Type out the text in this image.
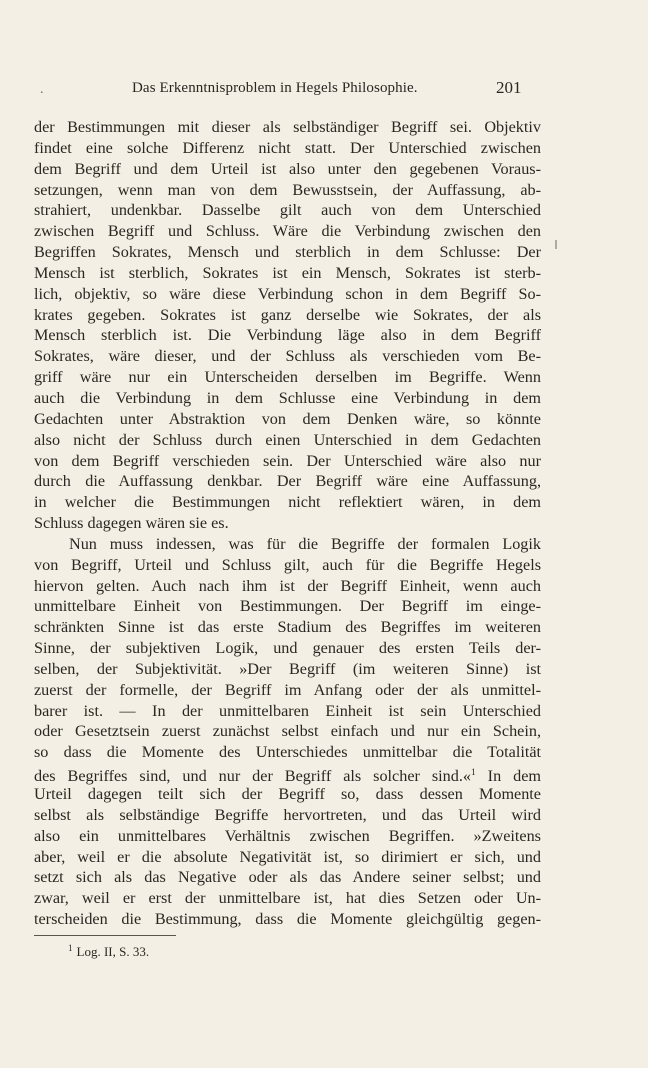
.	Das Erkenntnisproblem in Hegels Philosophie.	201
der Bestimmungen mit dieser als selbständiger Begriff sei. Objektiv
findet eine solche Differenz nicht statt. Der Unterschied zwischen
dem Begriff und dem Urteil ist also unter den gegebenen Voraus-
setzungen, wenn man von dem Bewusstsein, der Auffassung, ab-
strahiert, undenkbar. Dasselbe gilt auch von dem Unterschied
zwischen Begriff und Schluss. Wäre die Verbindung zwischen den
Begriffen Sokrates, Mensch und sterblich in dem Schlusse: Der
Mensch ist sterblich, Sokrates ist ein Mensch, Sokrates ist sterb-
lich, objektiv, so wäre diese Verbindung schon in dem Begriff So-
krates gegeben. Sokrates ist ganz derselbe wie Sokrates, der als
Mensch sterblich ist. Die Verbindung läge also in dem Begriff
Sokrates, wäre dieser, und der Schluss als verschieden vom Be-
griff wäre nur ein Unterscheiden derselben im Begriffe. Wenn
auch die Verbindung in dem Schlusse eine Verbindung in dem
Gedachten unter Abstraktion von dem Denken wäre, so könnte
also nicht der Schluss durch einen Unterschied in dem Gedachten
von dem Begriff verschieden sein. Der Unterschied wäre also nur
durch die Auffassung denkbar. Der Begriff wäre eine Auffassung,
in welcher die Bestimmungen nicht reflektiert wären, in dem
Schluss dagegen wären sie es.
Nun muss indessen, was für die Begriffe der formalen Logik
von Begriff, Urteil und Schluss gilt, auch für die Begriffe Hegels
hiervon gelten. Auch nach ihm ist der Begriff Einheit, wenn auch
unmittelbare Einheit von Bestimmungen. Der Begriff im einge-
schränkten Sinne ist das erste Stadium des Begriffes im weiteren
Sinne, der subjektiven Logik, und genauer des ersten Teils der-
selben, der Subjektivität. »Der Begriff (im weiteren Sinne) ist
zuerst der formelle, der Begriff im Anfang oder der als unmittel-
barer ist. — In der unmittelbaren Einheit ist sein Unterschied
oder Gesetztsein zuerst zunächst selbst einfach und nur ein Schein,
so dass die Momente des Unterschiedes unmittelbar die Totalität
des Begriffes sind, und nur der Begriff als solcher sind.«$^1$ In dem
Urteil dagegen teilt sich der Begriff so, dass dessen Momente
selbst als selbständige Begriffe hervortreten, und das Urteil wird
also ein unmittelbares Verhältnis zwischen Begriffen. »Zweitens
aber, weil er die absolute Negativität ist, so dirimiert er sich, und
setzt sich als das Negative oder als das Andere seiner selbst; und
zwar, weil er erst der unmittelbare ist, hat dies Setzen oder Un-
terscheiden die Bestimmung, dass die Momente gleichgültig gegen-
$^1$ Log. II, S. 33.
